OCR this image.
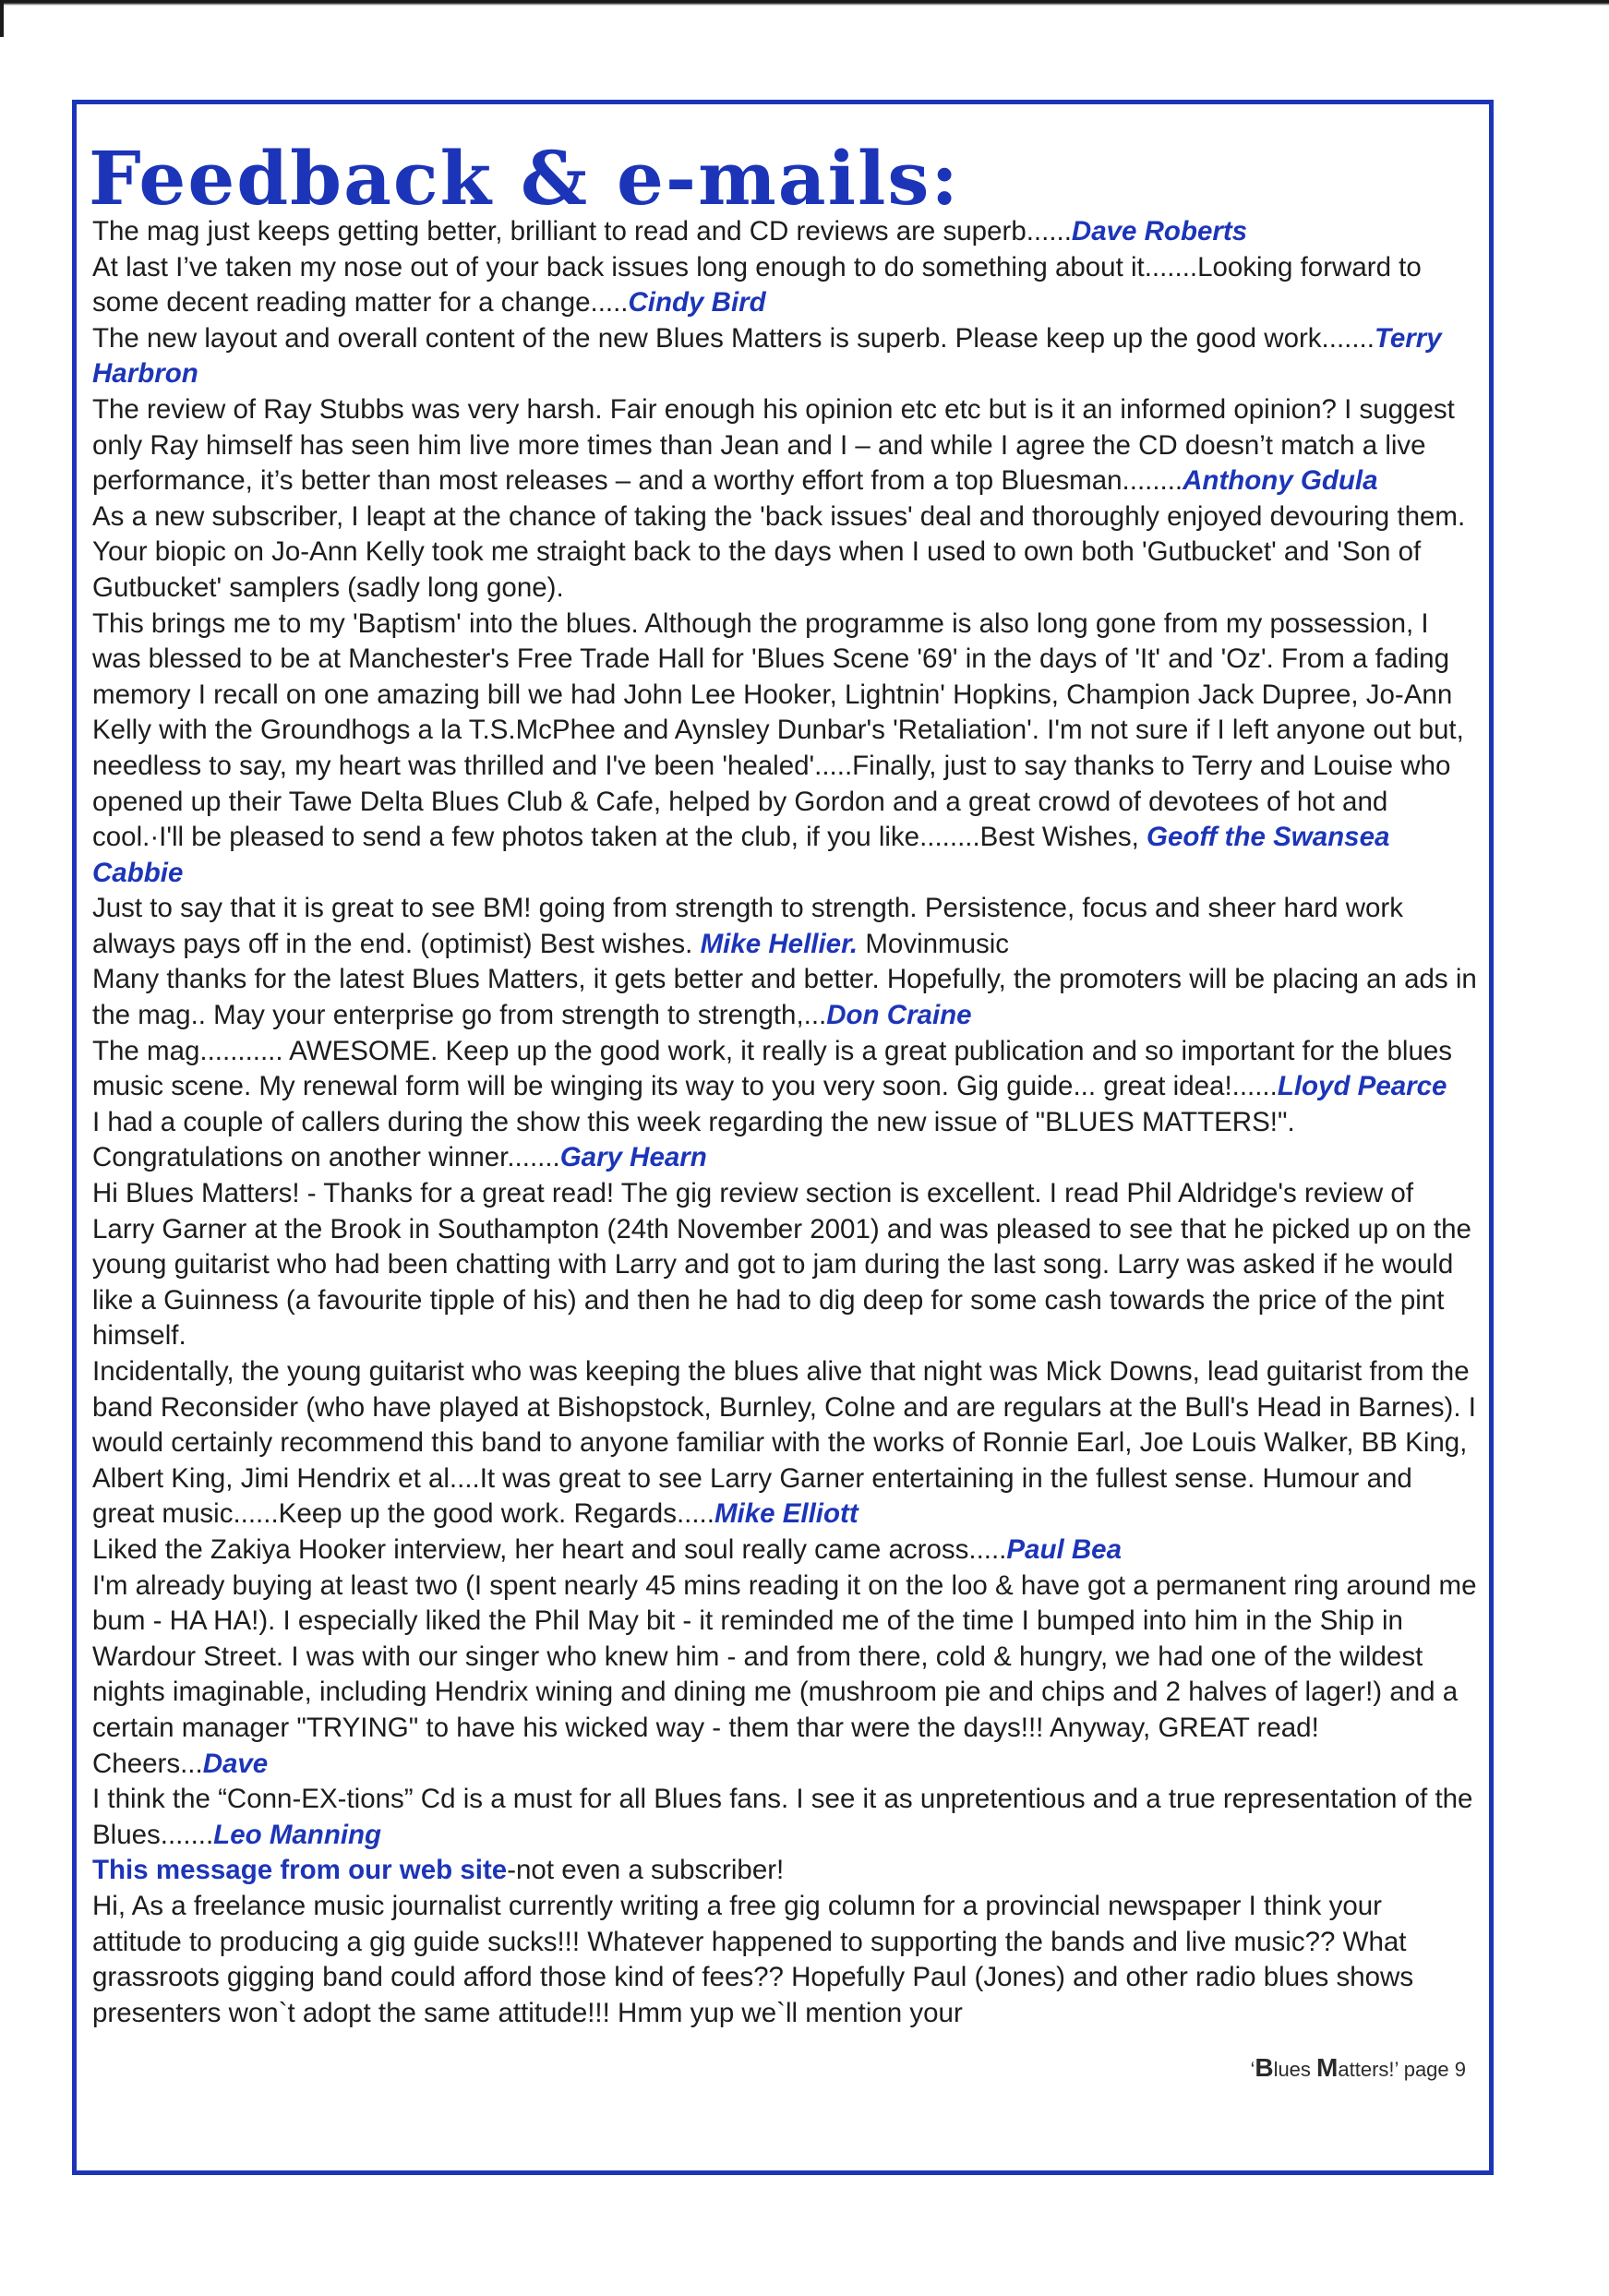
Feedback & e-mails:

The mag just keeps getting better, brilliant to read and CD reviews are superb......Dave Roberts

At last I’ve taken my nose out of your back issues long enough to do something about it.......Looking forward to some decent reading matter for a change.....Cindy Bird

The new layout and overall content of the new Blues Matters is superb. Please keep up the good work.......Terry Harbron

The review of Ray Stubbs was very harsh. Fair enough his opinion etc etc but is it an informed opinion? I suggest only Ray himself has seen him live more times than Jean and I – and while I agree the CD doesn’t match a live performance, it’s better than most releases – and a worthy effort from a top Bluesman........Anthony Gdula

As a new subscriber, I leapt at the chance of taking the 'back issues' deal and thoroughly enjoyed devouring them. Your biopic on Jo-Ann Kelly took me straight back to the days when I used to own both 'Gutbucket' and 'Son of Gutbucket' samplers (sadly long gone).

This brings me to my 'Baptism' into the blues. Although the programme is also long gone from my possession, I was blessed to be at Manchester's Free Trade Hall for 'Blues Scene '69' in the days of 'It' and 'Oz'. From a fading memory I recall on one amazing bill we had John Lee Hooker, Lightnin' Hopkins, Champion Jack Dupree, Jo-Ann Kelly with the Groundhogs a la T.S.McPhee and Aynsley Dunbar's 'Retaliation'. I'm not sure if I left anyone out but, needless to say, my heart was thrilled and I've been 'healed'.....Finally, just to say thanks to Terry and Louise who opened up their Tawe Delta Blues Club & Cafe, helped by Gordon and a great crowd of devotees of hot and cool.·I'll be pleased to send a few photos taken at the club, if you like........Best Wishes, Geoff the Swansea Cabbie

Just to say that it is great to see BM! going from strength to strength. Persistence, focus and sheer hard work always pays off in the end. (optimist) Best wishes. Mike Hellier. Movinmusic

Many thanks for the latest Blues Matters, it gets better and better. Hopefully, the promoters will be placing an ads in the mag.. May your enterprise go from strength to strength,...Don Craine

The mag........... AWESOME. Keep up the good work, it really is a great publication and so important for the blues music scene. My renewal form will be winging its way to you very soon. Gig guide... great idea!......Lloyd Pearce

I had a couple of callers during the show this week regarding the new issue of "BLUES MATTERS!". Congratulations on another winner.......Gary Hearn

Hi Blues Matters! - Thanks for a great read! The gig review section is excellent. I read Phil Aldridge's review of Larry Garner at the Brook in Southampton (24th November 2001) and was pleased to see that he picked up on the young guitarist who had been chatting with Larry and got to jam during the last song. Larry was asked if he would like a Guinness (a favourite tipple of his) and then he had to dig deep for some cash towards the price of the pint himself.

Incidentally, the young guitarist who was keeping the blues alive that night was Mick Downs, lead guitarist from the band Reconsider (who have played at Bishopstock, Burnley, Colne and are regulars at the Bull's Head in Barnes). I would certainly recommend this band to anyone familiar with the works of Ronnie Earl, Joe Louis Walker, BB King, Albert King, Jimi Hendrix et al....It was great to see Larry Garner entertaining in the fullest sense. Humour and great music......Keep up the good work. Regards.....Mike Elliott

Liked the Zakiya Hooker interview, her heart and soul really came across.....Paul Bea

I'm already buying at least two (I spent nearly 45 mins reading it on the loo & have got a permanent ring around me bum - HA HA!). I especially liked the Phil May bit - it reminded me of the time I bumped into him in the Ship in Wardour Street. I was with our singer who knew him - and from there, cold & hungry, we had one of the wildest nights imaginable, including Hendrix wining and dining me (mushroom pie and chips and 2 halves of lager!) and a certain manager "TRYING" to have his wicked way - them thar were the days!!! Anyway, GREAT read! Cheers...Dave

I think the “Conn-EX-tions” Cd is a must for all Blues fans. I see it as unpretentious and a true representation of the Blues.......Leo Manning

This message from our web site-not even a subscriber!

Hi, As a freelance music journalist currently writing a free gig column for a provincial newspaper I think your attitude to producing a gig guide sucks!!! Whatever happened to supporting the bands and live music?? What grassroots gigging band could afford those kind of fees?? Hopefully Paul (Jones) and other radio blues shows presenters won`t adopt the same attitude!!! Hmm yup we`ll mention your

‘Blues Matters!’ page 9
